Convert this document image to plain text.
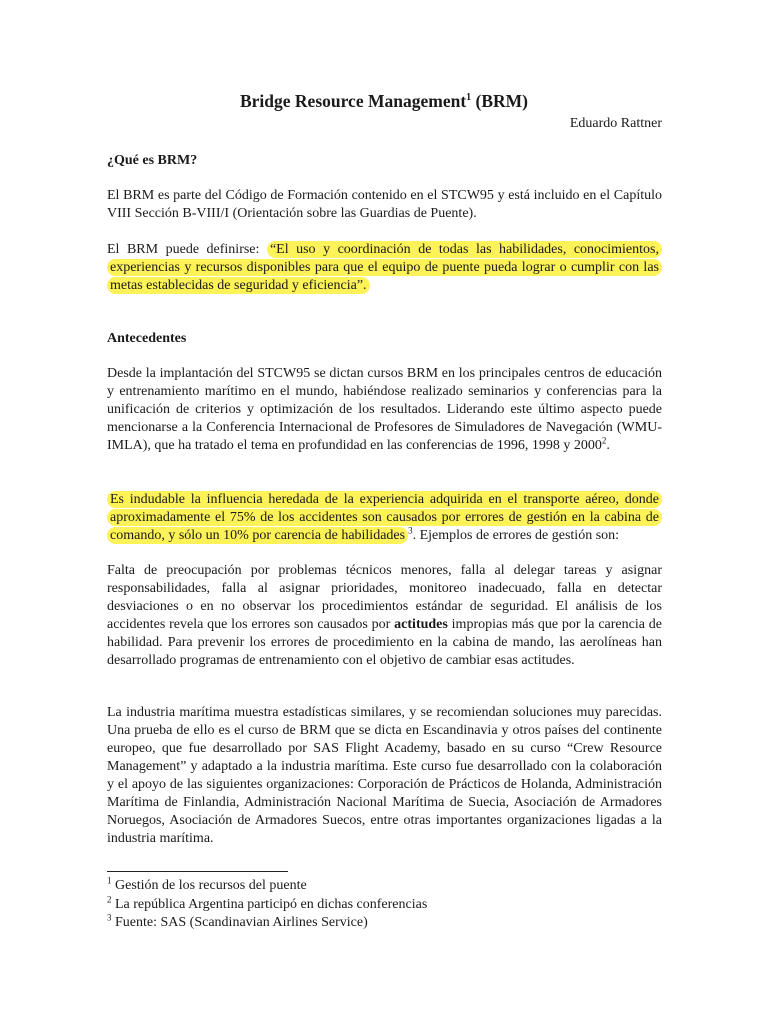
Bridge Resource Management$^1$ (BRM)
Eduardo Rattner
¿Qué es BRM?
El BRM es parte del Código de Formación contenido en el STCW95 y está incluido en el Capítulo VIII Sección B-VIII/I (Orientación sobre las Guardias de Puente).
El BRM puede definirse: “El uso y coordinación de todas las habilidades, conocimientos, experiencias y recursos disponibles para que el equipo de puente pueda lograr o cumplir con las metas establecidas de seguridad y eficiencia”.
Antecedentes
Desde la implantación del STCW95 se dictan cursos BRM en los principales centros de educación y entrenamiento marítimo en el mundo, habiéndose realizado seminarios y conferencias para la unificación de criterios y optimización de los resultados. Liderando este último aspecto puede mencionarse a la Conferencia Internacional de Profesores de Simuladores de Navegación (WMU-IMLA), que ha tratado el tema en profundidad en las conferencias de 1996, 1998 y 2000$^2$.
Es indudable la influencia heredada de la experiencia adquirida en el transporte aéreo, donde aproximadamente el 75% de los accidentes son causados por errores de gestión en la cabina de comando, y sólo un 10% por carencia de habilidades $^3$. Ejemplos de errores de gestión son:
Falta de preocupación por problemas técnicos menores, falla al delegar tareas y asignar responsabilidades, falla al asignar prioridades, monitoreo inadecuado, falla en detectar desviaciones o en no observar los procedimientos estándar de seguridad. El análisis de los accidentes revela que los errores son causados por actitudes impropias más que por la carencia de habilidad. Para prevenir los errores de procedimiento en la cabina de mando, las aerolíneas han desarrollado programas de entrenamiento con el objetivo de cambiar esas actitudes.
La industria marítima muestra estadísticas similares, y se recomiendan soluciones muy parecidas. Una prueba de ello es el curso de BRM que se dicta en Escandinavia y otros países del continente europeo, que fue desarrollado por SAS Flight Academy, basado en su curso “Crew Resource Management” y adaptado a la industria marítima. Este curso fue desarrollado con la colaboración y el apoyo de las siguientes organizaciones: Corporación de Prácticos de Holanda, Administración Marítima de Finlandia, Administración Nacional Marítima de Suecia, Asociación de Armadores Noruegos, Asociación de Armadores Suecos, entre otras importantes organizaciones ligadas a la industria marítima.
$^1$ Gestión de los recursos del puente
$^2$ La república Argentina participó en dichas conferencias
$^3$ Fuente: SAS (Scandinavian Airlines Service)
